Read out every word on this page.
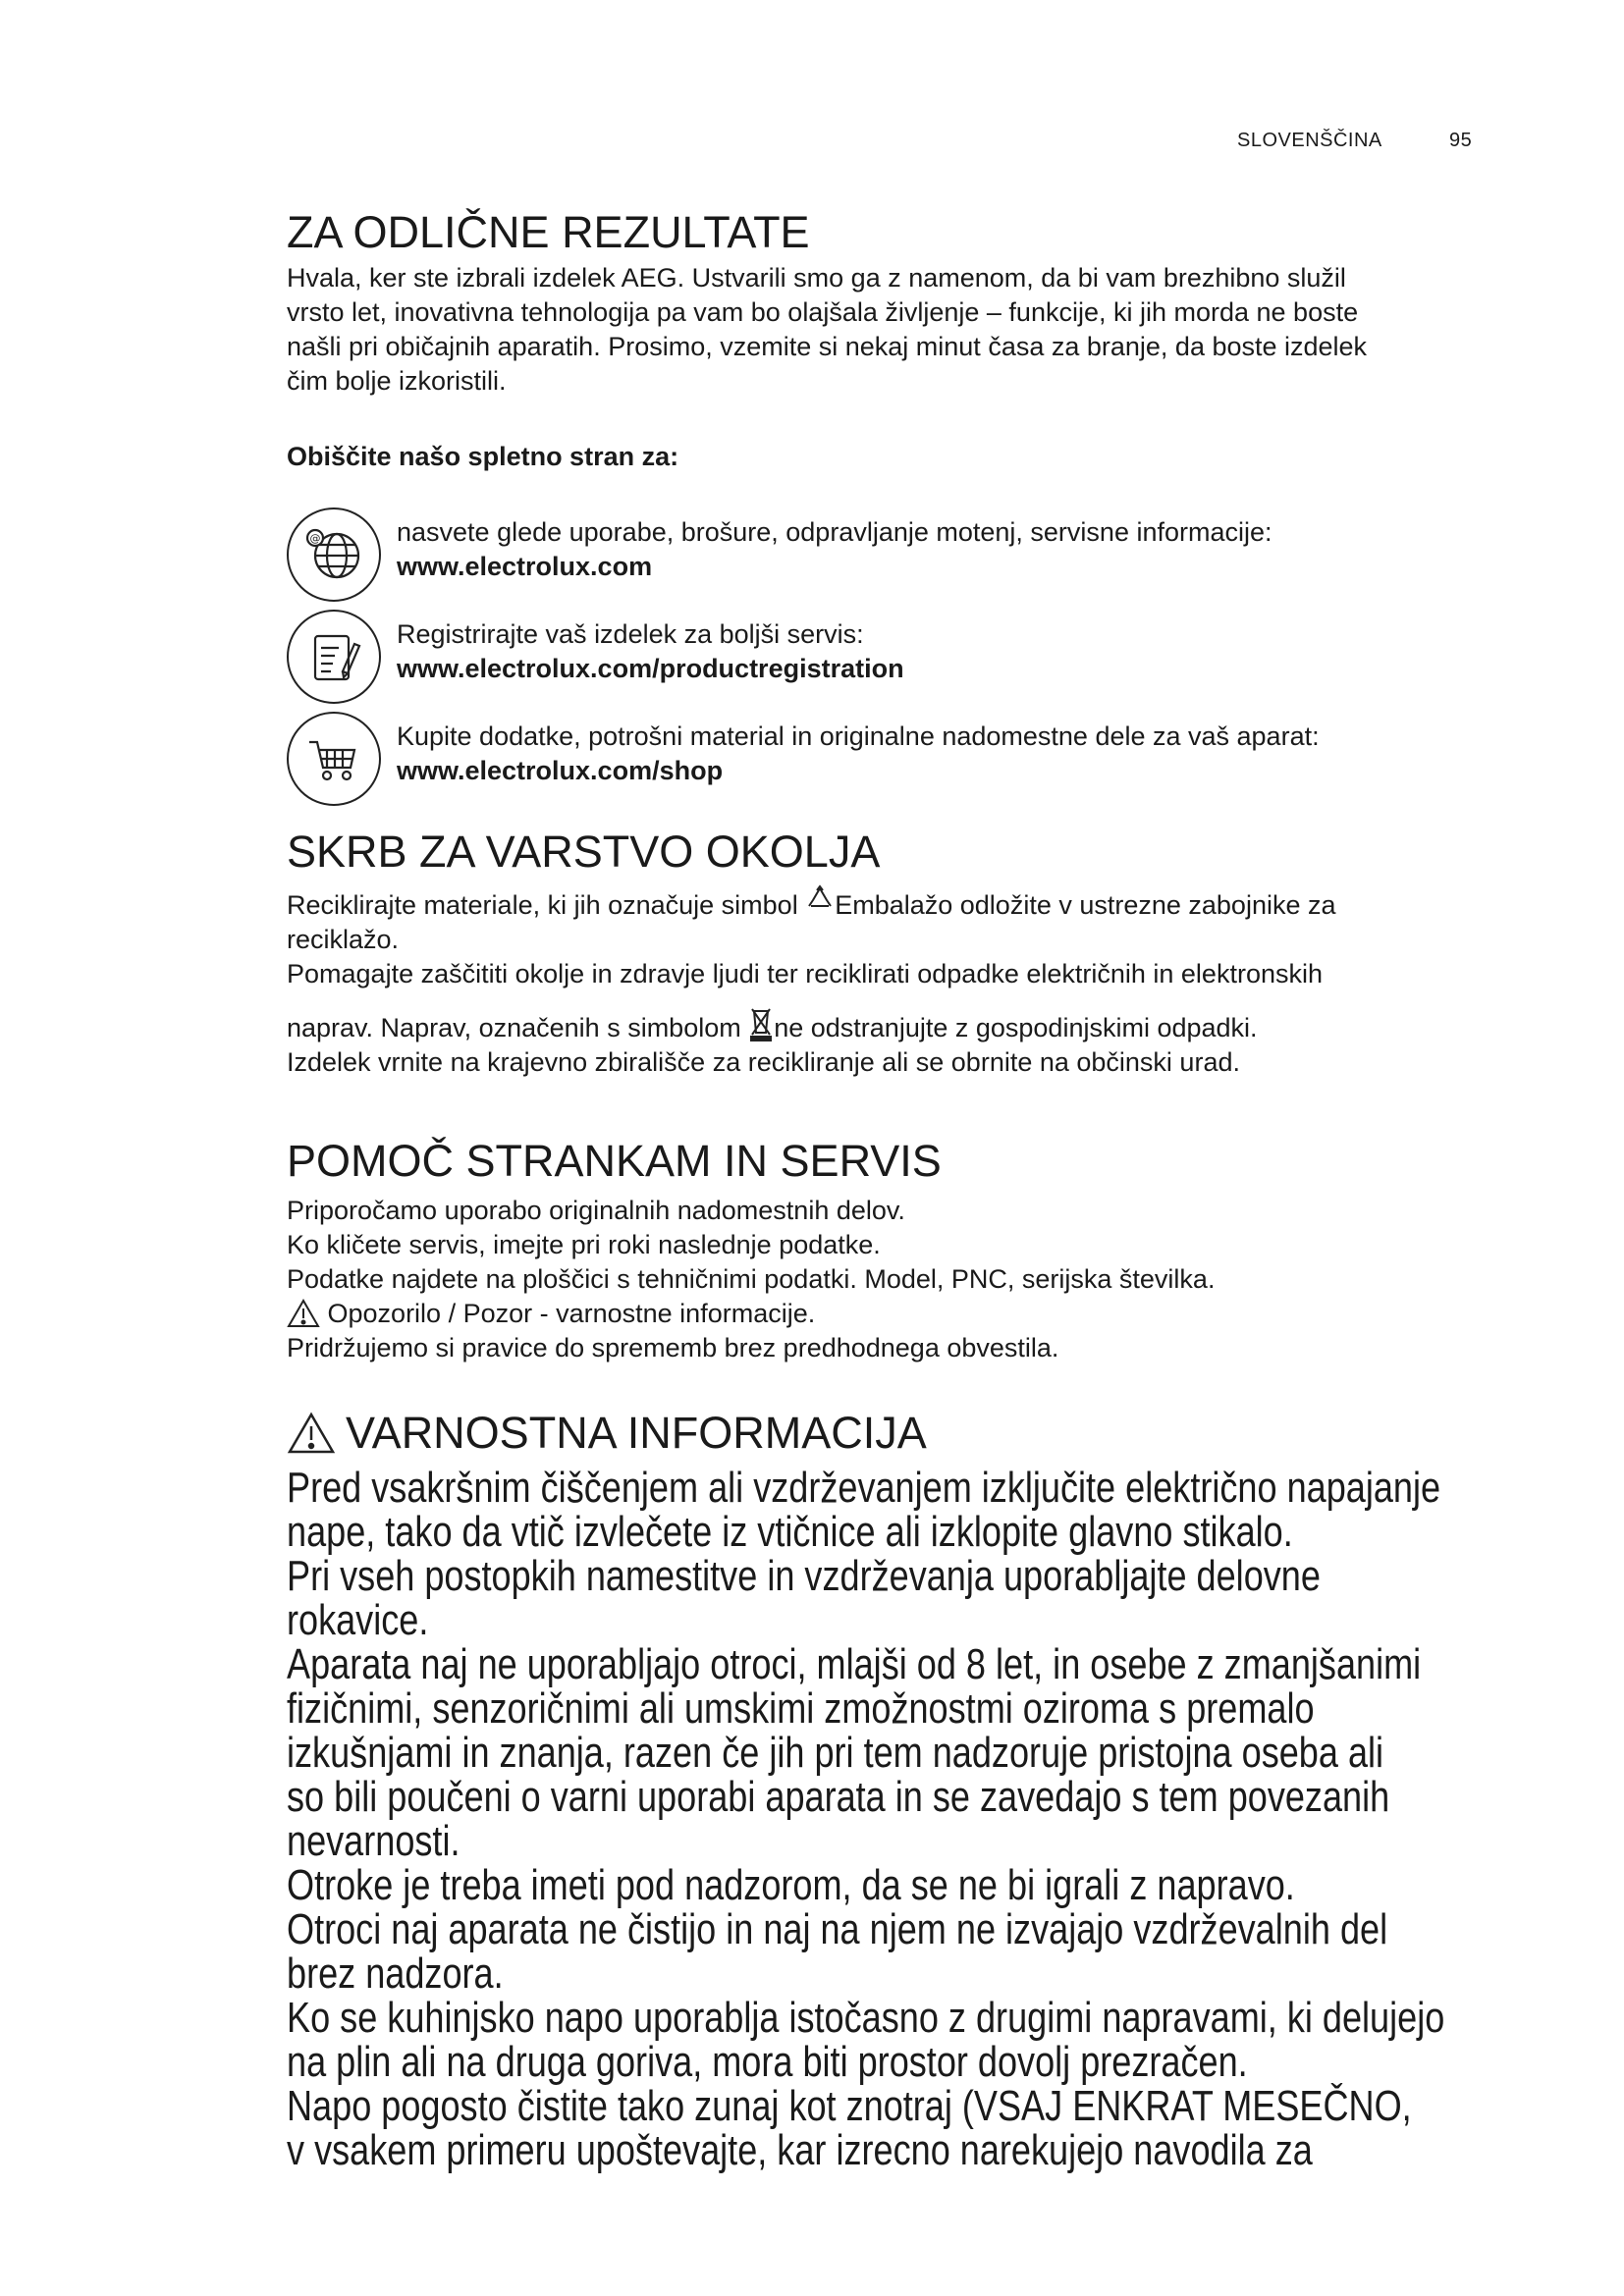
SLOVENŠČINA	95
ZA ODLIČNE REZULTATE

Hvala, ker ste izbrali izdelek AEG. Ustvarili smo ga z namenom, da bi vam brezhibno služil

vrsto let, inovativna tehnologija pa vam bo olajšala življenje – funkcije, ki jih morda ne boste

našli pri običajnih aparatih. Prosimo, vzemite si nekaj minut časa za branje, da boste izdelek

čim bolje izkoristili.

Obiščite našo spletno stran za:

@	nasvete glede uporabe, brošure, odpravljanje motenj, servisne informacije:
www.electrolux.com
Registrirajte vaš izdelek za boljši servis:
www.electrolux.com/productregistration
Kupite dodatke, potrošni material in originalne nadomestne dele za vaš aparat:
www.electrolux.com/shop
SKRB ZA VARSTVO OKOLJA

Reciklirajte materiale, ki jih označuje simbol
Embalažo odložite v ustrezne zabojnike za

reciklažo.

Pomagajte zaščititi okolje in zdravje ljudi ter reciklirati odpadke električnih in elektronskih

naprav. Naprav, označenih s simbolom
ne odstranjujte z gospodinjskimi odpadki.

Izdelek vrnite na krajevno zbirališče za recikliranje ali se obrnite na občinski urad.

POMOČ STRANKAM IN SERVIS

Priporočamo uporabo originalnih nadomestnih delov.

Ko kličete servis, imejte pri roki naslednje podatke.

Podatke najdete na ploščici s tehničnimi podatki. Model, PNC, serijska številka.

Opozorilo / Pozor - varnostne informacije.

Pridržujemo si pravice do sprememb brez predhodnega obvestila.

VARNOSTNA INFORMACIJA

Pred vsakršnim čiščenjem ali vzdrževanjem izključite električno napajanje

nape, tako da vtič izvlečete iz vtičnice ali izklopite glavno stikalo.

Pri vseh postopkih namestitve in vzdrževanja uporabljajte delovne

rokavice.

Aparata naj ne uporabljajo otroci, mlajši od 8 let, in osebe z zmanjšanimi

fizičnimi, senzoričnimi ali umskimi zmožnostmi oziroma s premalo

izkušnjami in znanja, razen če jih pri tem nadzoruje pristojna oseba ali

so bili poučeni o varni uporabi aparata in se zavedajo s tem povezanih

nevarnosti.

Otroke je treba imeti pod nadzorom, da se ne bi igrali z napravo.

Otroci naj aparata ne čistijo in naj na njem ne izvajajo vzdrževalnih del

brez nadzora.

Ko se kuhinjsko napo uporablja istočasno z drugimi napravami, ki delujejo

na plin ali na druga goriva, mora biti prostor dovolj prezračen.

Napo pogosto čistite tako zunaj kot znotraj (VSAJ ENKRAT MESEČNO,

v vsakem primeru upoštevajte, kar izrecno narekujejo navodila za
